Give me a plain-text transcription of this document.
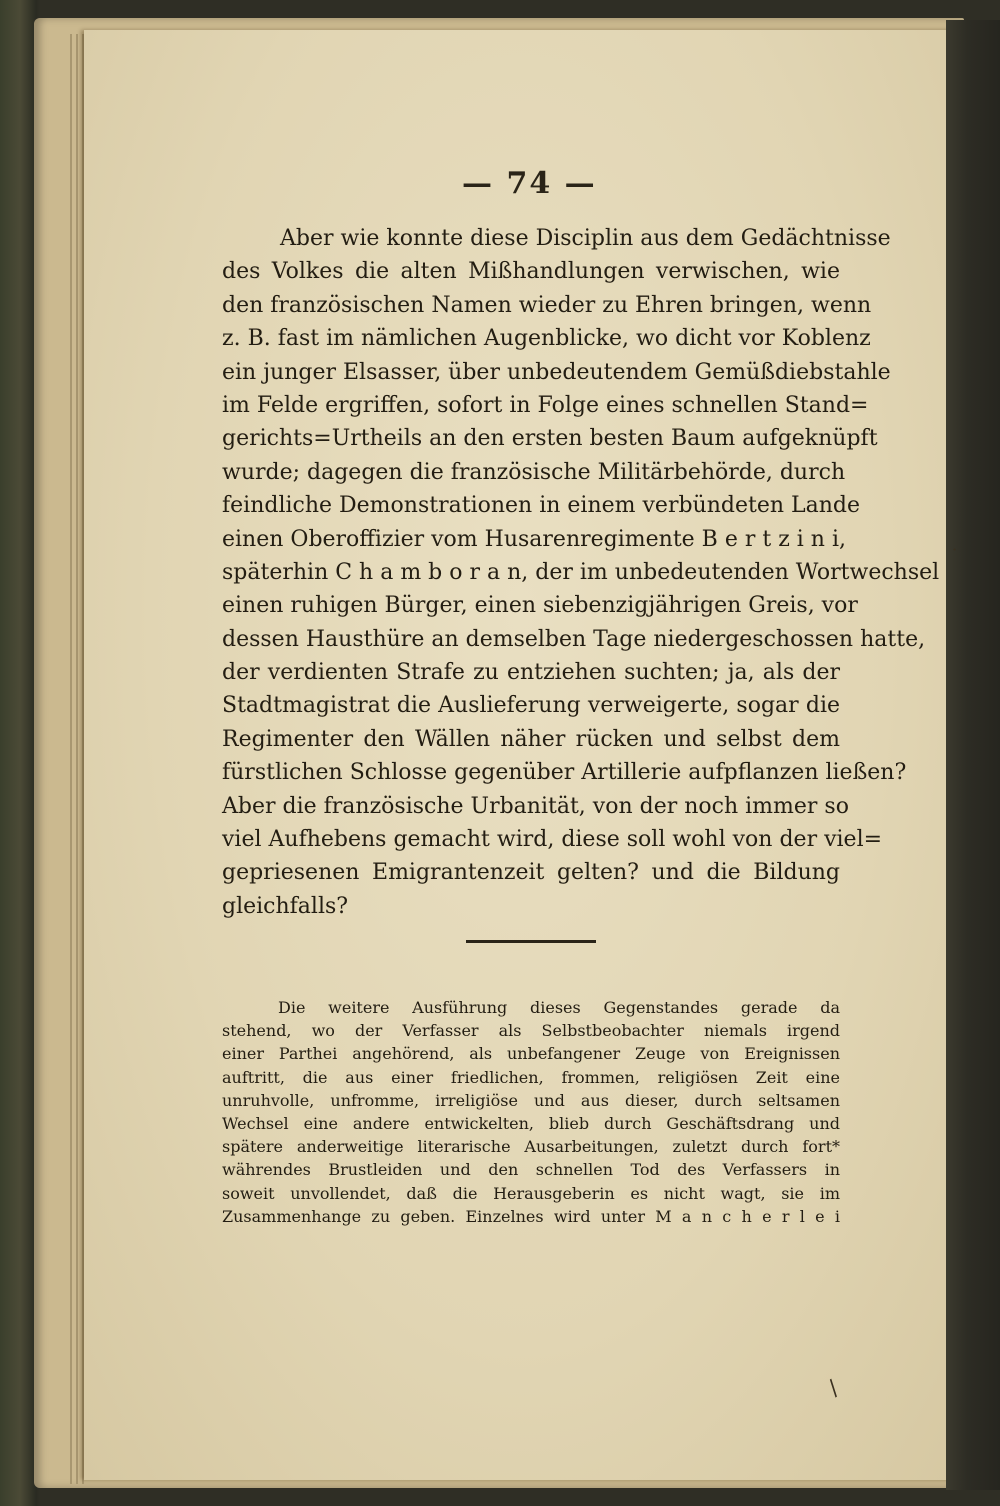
— 74 —
Aber wie konnte diese Disciplin aus dem Gedächtnisse
des Volkes die alten Mißhandlungen verwischen, wie
den französischen Namen wieder zu Ehren bringen, wenn
z. B. fast im nämlichen Augenblicke, wo dicht vor Koblenz
ein junger Elsasser, über unbedeutendem Gemüßdiebstahle
im Felde ergriffen, sofort in Folge eines schnellen Stand=
gerichts=Urtheils an den ersten besten Baum aufgeknüpft
wurde; dagegen die französische Militärbehörde, durch
feindliche Demonstrationen in einem verbündeten Lande
einen Oberoffizier vom Husarenregimente B e r t z i n i,
späterhin C h a m b o r a n, der im unbedeutenden Wortwechsel
einen ruhigen Bürger, einen siebenzigjährigen Greis, vor
dessen Hausthüre an demselben Tage niedergeschossen hatte,
der verdienten Strafe zu entziehen suchten; ja, als der
Stadtmagistrat die Auslieferung verweigerte, sogar die
Regimenter den Wällen näher rücken und selbst dem
fürstlichen Schlosse gegenüber Artillerie aufpflanzen ließen?
Aber die französische Urbanität, von der noch immer so
viel Aufhebens gemacht wird, diese soll wohl von der viel=
gepriesenen Emigrantenzeit gelten? und die Bildung
gleichfalls?
Die weitere Ausführung dieses Gegenstandes gerade da
stehend, wo der Verfasser als Selbstbeobachter niemals irgend
einer Parthei angehörend, als unbefangener Zeuge von Ereignissen
auftritt, die aus einer friedlichen, frommen, religiösen Zeit eine
unruhvolle, unfromme, irreligiöse und aus dieser, durch seltsamen
Wechsel eine andere entwickelten, blieb durch Geschäftsdrang und
spätere anderweitige literarische Ausarbeitungen, zuletzt durch fort*
währendes Brustleiden und den schnellen Tod des Verfassers in
soweit unvollendet, daß die Herausgeberin es nicht wagt, sie im
Zusammenhange zu geben. Einzelnes wird unter M a n c h e r l e i
/
·
